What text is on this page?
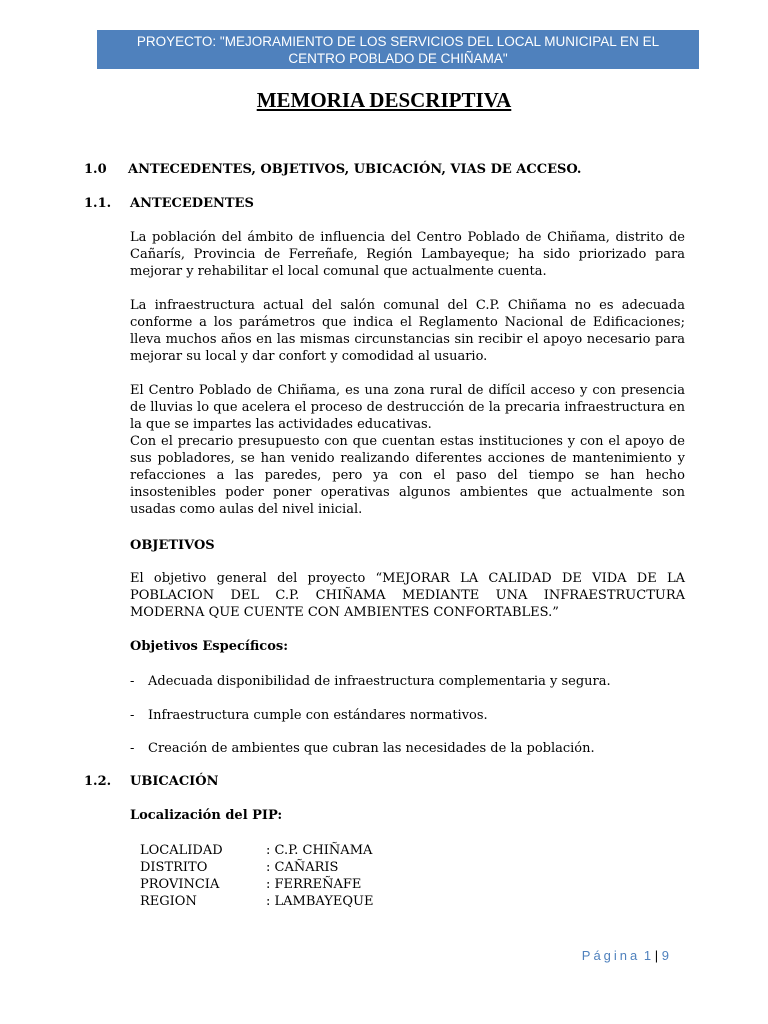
PROYECTO: "MEJORAMIENTO DE LOS SERVICIOS DEL LOCAL MUNICIPAL EN EL
CENTRO POBLADO DE CHIÑAMA"
MEMORIA DESCRIPTIVA
1.0 ANTECEDENTES, OBJETIVOS, UBICACIÓN, VIAS DE ACCESO.
1.1. ANTECEDENTES

La población del ámbito de influencia del Centro Poblado de Chiñama, distrito de Cañarís, Provincia de Ferreñafe, Región Lambayeque; ha sido priorizado para mejorar y rehabilitar el local comunal que actualmente cuenta.

La infraestructura actual del salón comunal del C.P. Chiñama no es adecuada conforme a los parámetros que indica el Reglamento Nacional de Edificaciones; lleva muchos años en las mismas circunstancias sin recibir el apoyo necesario para mejorar su local y dar confort y comodidad al usuario.

El Centro Poblado de Chiñama, es una zona rural de difícil acceso y con presencia de lluvias lo que acelera el proceso de destrucción de la precaria infraestructura en la que se impartes las actividades educativas.

Con el precario presupuesto con que cuentan estas instituciones y con el apoyo de sus pobladores, se han venido realizando diferentes acciones de mantenimiento y refacciones a las paredes, pero ya con el paso del tiempo se han hecho insostenibles poder poner operativas algunos ambientes que actualmente son usadas como aulas del nivel inicial.

OBJETIVOS

El objetivo general del proyecto “MEJORAR LA CALIDAD DE VIDA DE LA POBLACION DEL C.P. CHIÑAMA MEDIANTE UNA INFRAESTRUCTURA MODERNA QUE CUENTE CON AMBIENTES CONFORTABLES.”

Objetivos Específicos:
- Adecuada disponibilidad de infraestructura complementaria y segura.
- Infraestructura cumple con estándares normativos.
- Creación de ambientes que cubran las necesidades de la población.
1.2. UBICACIÓN
Localización del PIP:
LOCALIDAD	: C.P. CHIÑAMA
DISTRITO	: CAÑARIS
PROVINCIA	: FERREÑAFE
REGION	: LAMBAYEQUE
Página 1 | 9
